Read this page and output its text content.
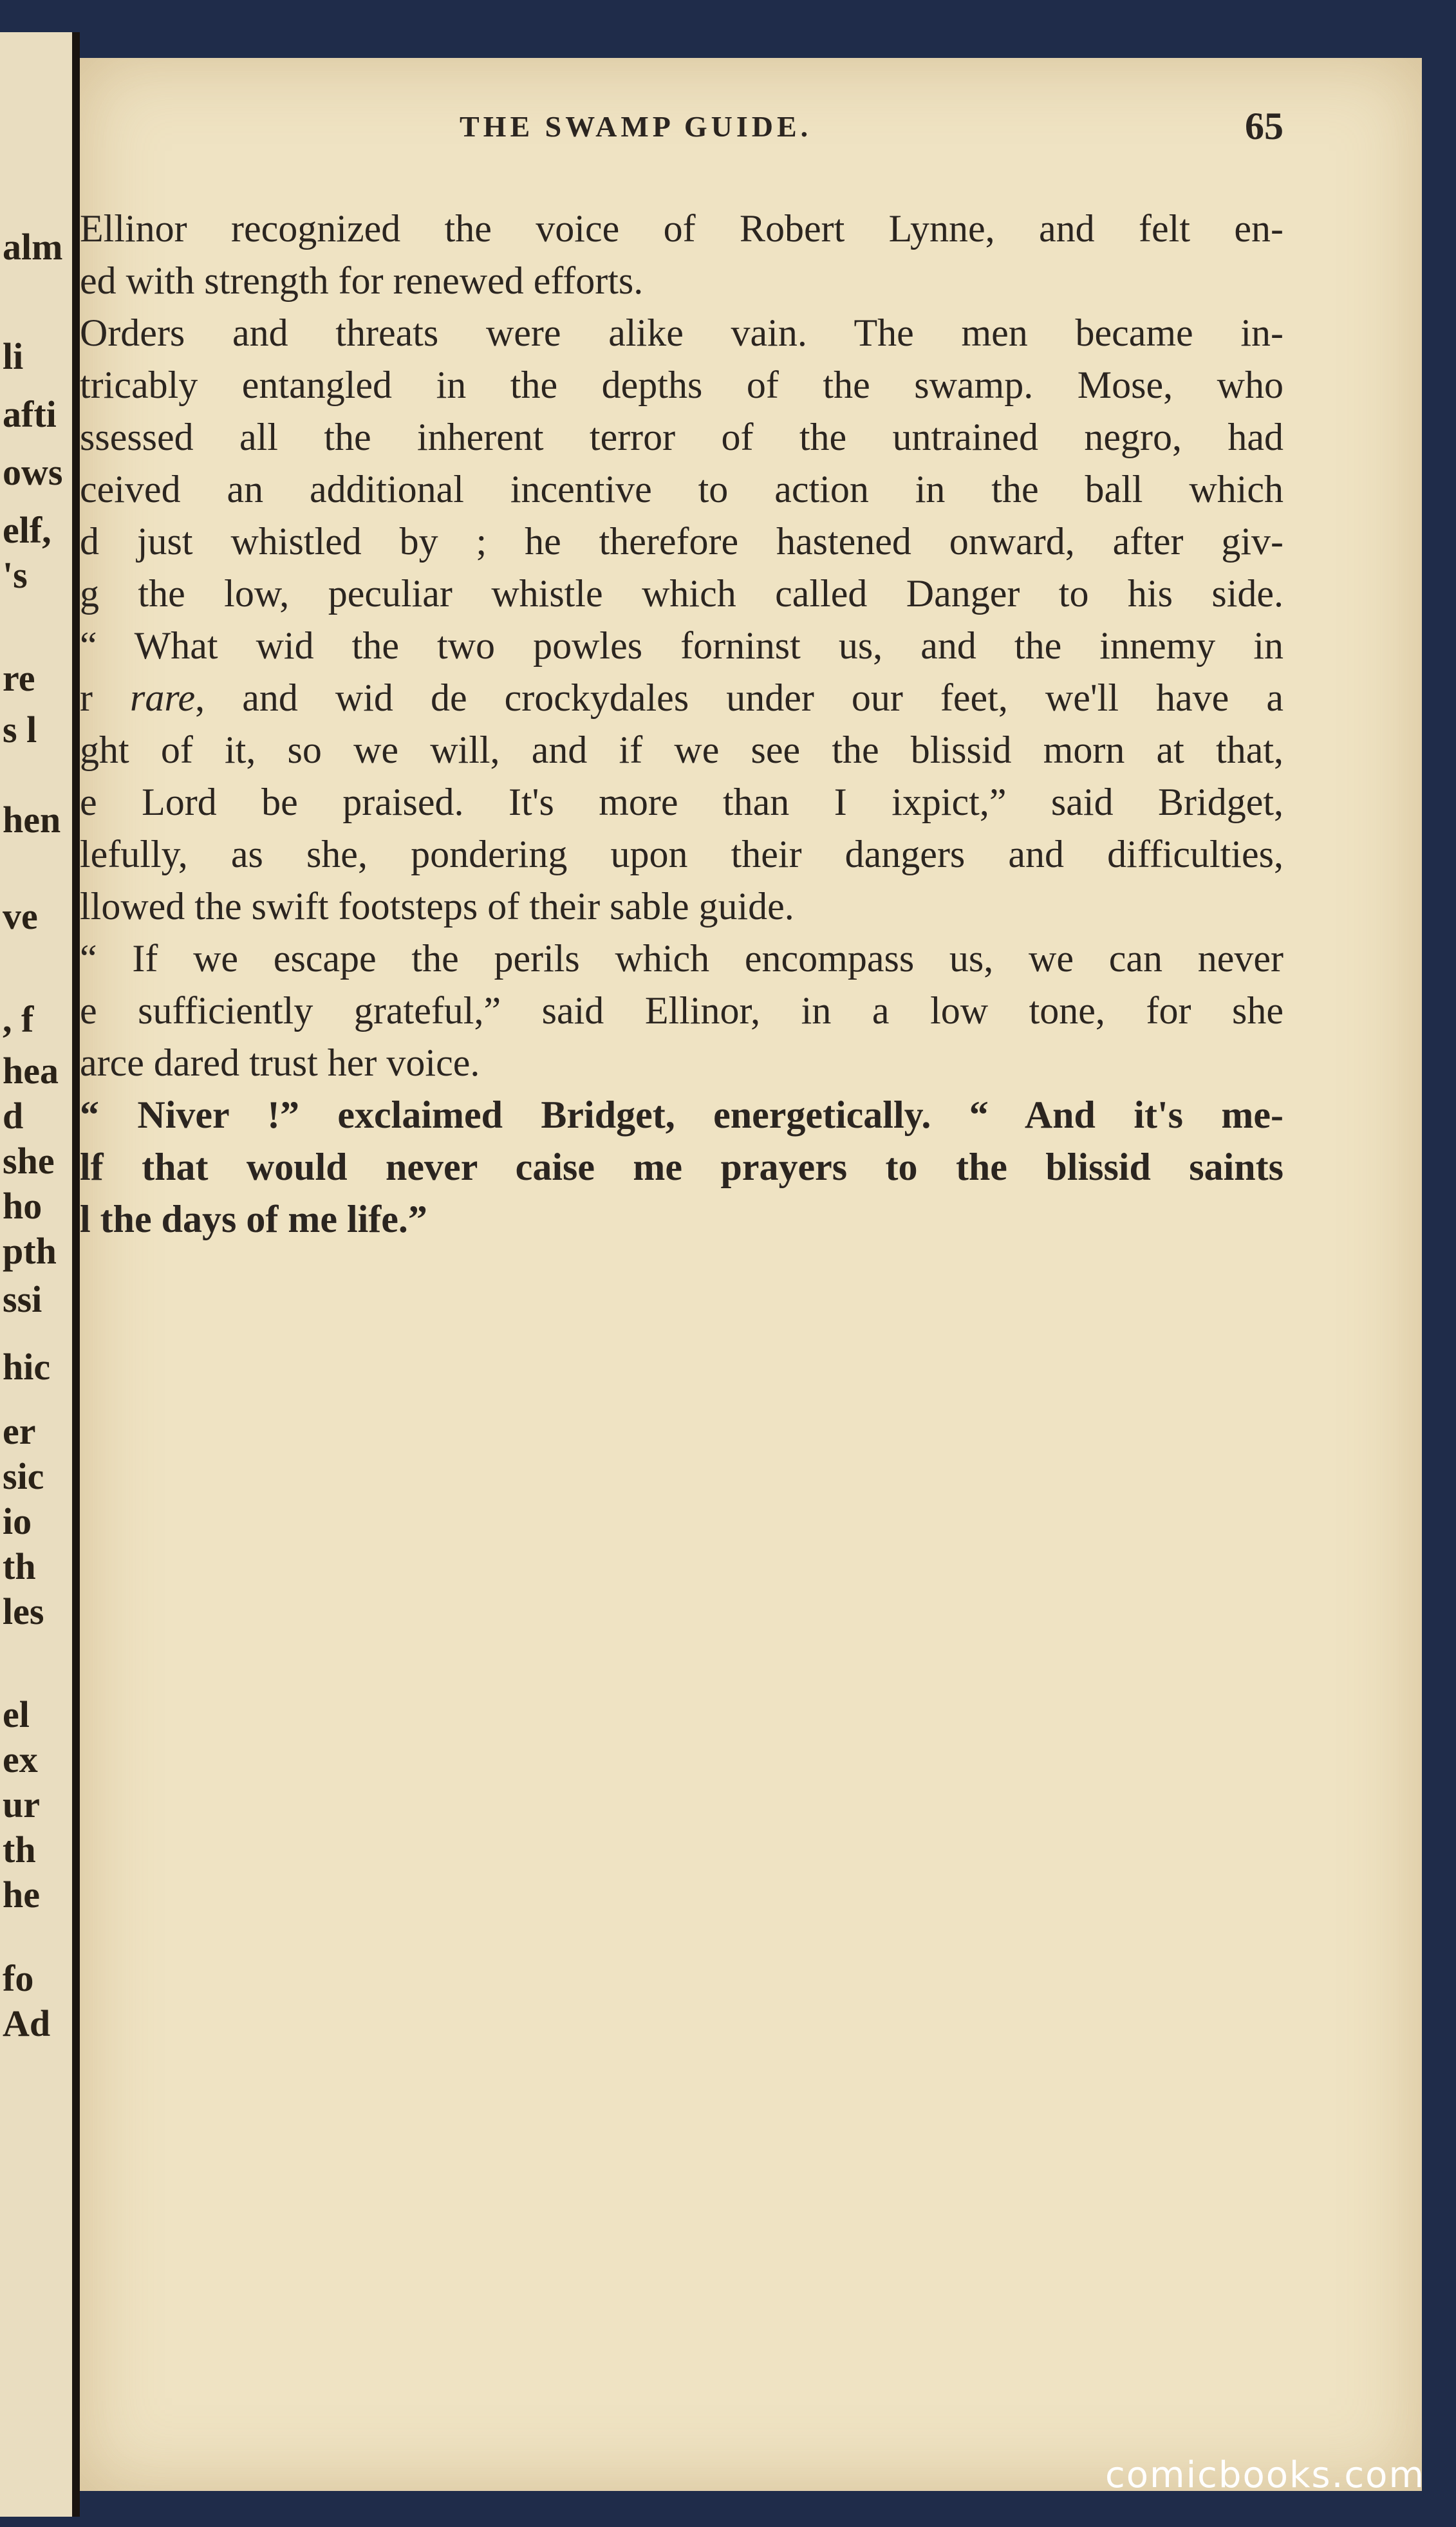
alm
li
afti
ows
elf,
's
re
s l
hen
ve
, f
hea
d
she
ho
pth
ssi
hic
er
sic
io
th
les
el
ex
ur
th
he
fo
Ad
THE SWAMP GUIDE.	65
Ellinor recognized the voice of Robert Lynne, and felt en-
ed with strength for renewed efforts.
Orders and threats were alike vain. The men became in-
tricably entangled in the depths of the swamp. Mose, who
ssessed all the inherent terror of the untrained negro, had
ceived an additional incentive to action in the ball which
d just whistled by ; he therefore hastened onward, after giv-
g the low, peculiar whistle which called Danger to his side.
“ What wid the two powles forninst us, and the innemy in
r rare, and wid de crockydales under our feet, we'll have a
ght of it, so we will, and if we see the blissid morn at that,
e Lord be praised. It's more than I ixpict,” said Bridget,
lefully, as she, pondering upon their dangers and difficulties,
llowed the swift footsteps of their sable guide.
“ If we escape the perils which encompass us, we can never
e sufficiently grateful,” said Ellinor, in a low tone, for she
arce dared trust her voice.
“ Niver !” exclaimed Bridget, energetically. “ And it's me-
lf that would never caise me prayers to the blissid saints
l the days of me life.”
comicbooks.com
